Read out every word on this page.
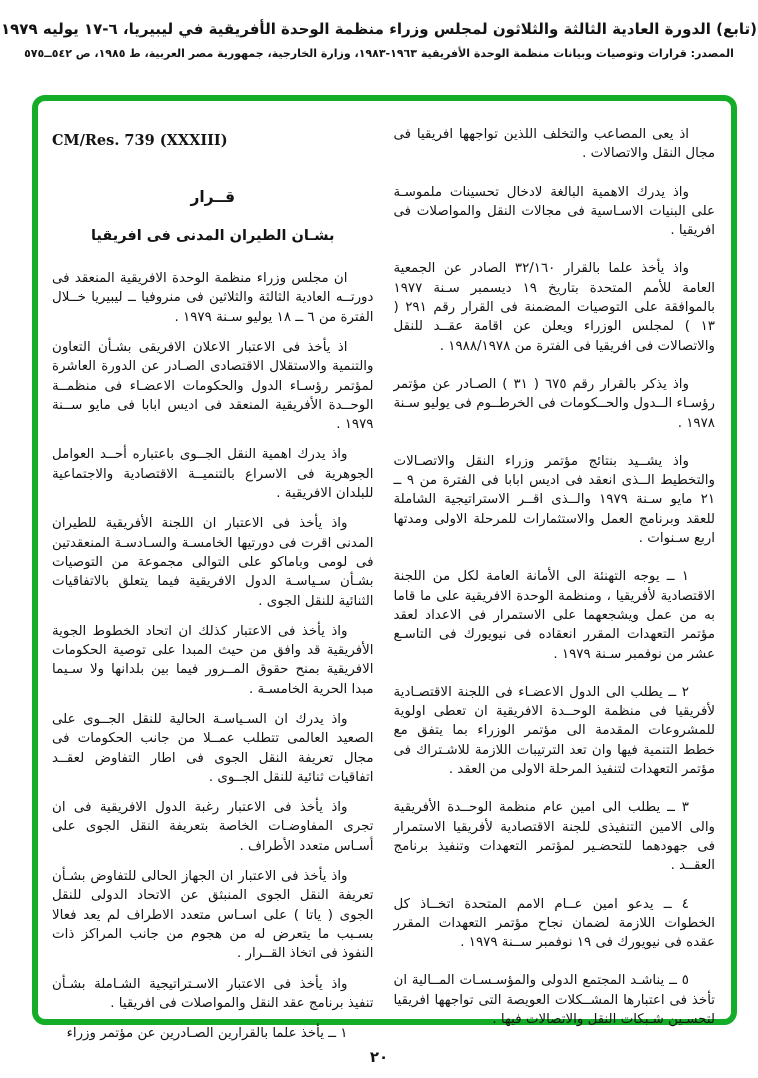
(تابع) الدورة العادية الثالثة والثلاثون لمجلس وزراء منظمة الوحدة الأفريقية في ليبيريا، ٦-١٧ يوليه ١٩٧٩
المصدر: قرارات وتوصيات وبيانات منظمة الوحدة الأفريقية ١٩٦٣-١٩٨٣، وزارة الخارجية، جمهورية مصر العربية، ط ١٩٨٥، ص ٥٤٢ــ٥٧٥

اذ يعى المصاعب والتخلف اللذين تواجهها افريقيا فى مجال النقل والاتصالات .

واذ يدرك الاهمية البالغة لادخال تحسينات ملموسـة على البنيات الاسـاسية فى مجالات النقل والمواصلات فى افريقيا .

واذ يأخذ علما بالقرار ٣٢/١٦٠ الصادر عن الجمعية العامة للأمم المتحدة بتاريخ ١٩ ديسمبر سـنة ١٩٧٧ بالموافقة على التوصيات المضمنة فى القرار رقم ٢٩١ ( ١٣ ) لمجلس الوزراء ويعلن عن اقامة عقــد للنقل والاتصالات فى افريقيا فى الفترة من ١٩٨٨/١٩٧٨ .

واذ يذكر بالقرار رقم ٦٧٥ ( ٣١ ) الصـادر عن مؤتمر رؤسـاء الــدول والحــكومات فى الخرطــوم فى يوليو سـنة ١٩٧٨ .

واذ يشــيد بنتائج مؤتمر وزراء النقل والاتصـالات والتخطيط الــذى انعقد فى اديس ابابا فى الفترة من ٩ ــ ٢١ مايو سـنة ١٩٧٩ والــذى اقــر الاستراتيجية الشاملة للعقد وبرنامج العمل والاستثمارات للمرحلة الاولى ومدتها اربع سـنوات .

١ ــ يوجه التهنئة الى الأمانة العامة لكل من اللجنة الاقتصادية لأفريقيا ، ومنظمة الوحدة الافريقية على ما قاما به من عمل ويشجعهما على الاستمرار فى الاعداد لعقد مؤتمر التعهدات المقرر انعقاده فى نيويورك فى التاسـع عشر من نوفمبر سـنة ١٩٧٩ .

٢ ــ يطلب الى الدول الاعضـاء فى اللجنة الاقتصـادية لأفريقيا فى منظمة الوحــدة الافريقية ان تعطى اولوية للمشروعات المقدمة الى مؤتمر الوزراء بما يتفق مع خطط التنمية فيها وان تعد الترتيبات اللازمة للاشـتراك فى مؤتمر التعهدات لتنفيذ المرحلة الاولى من العقد .

٣ ــ يطلب الى امين عام منظمة الوحــدة الأفريقية والى الامين التنفيذى للجنة الاقتصادية لأفريقيا الاستمرار فى جهودهما للتحضـير لمؤتمر التعهدات وتنفيذ برنامج العقــد .

٤ ــ يدعو امين عــام الامم المتحدة اتخــاذ كل الخطوات اللازمة لضمان نجاح مؤتمر التعهدات المقرر عقده فى نيويورك فى ١٩ نوفمبر ســنة ١٩٧٩ .

٥ ــ يناشـد المجتمع الدولى والمؤسـسـات المــالية ان تأخذ فى اعتبارها المشــكلات العويصة التى تواجهها افريقيا لتحسـين شـبكات النقل والاتصالات فيها .

CM/Res. 739 (XXXIII)
قــرار
بشـان الطيران المدنى فى افريقيا

ان مجلس وزراء منظمة الوحدة الافريقية المنعقد فى دورتــه العادية الثالثة والثلاثين فى منروفيا ــ ليبيريا خــلال الفترة من ٦ ــ ١٨ يوليو سـنة ١٩٧٩ .

اذ يأخذ فى الاعتبار الاعلان الافريقى بشـأن التعاون والتنمية والاستقلال الاقتصادى الصـادر عن الدورة العاشرة لمؤتمر رؤسـاء الدول والحكومات الاعضـاء فى منظمــة الوحــدة الأفريقية المنعقد فى اديس ابابا فى مايو ســنة ١٩٧٩ .

واذ يدرك اهمية النقل الجــوى باعتباره أحــد العوامل الجوهرية فى الاسراع بالتنميــة الاقتصادية والاجتماعية للبلدان الافريقية .

واذ يأخذ فى الاعتبار ان اللجنة الأفريقية للطيران المدنى اقرت فى دورتيها الخامسـة والسـادسـة المنعقدتين فى لومى وباماكو على التوالى مجموعة من التوصيات بشـأن سـياسـة الدول الافريقية فيما يتعلق بالاتفاقيات الثنائية للنقل الجوى .

واذ يأخذ فى الاعتبار كذلك ان اتحاد الخطوط الجوية الأفريقية قد وافق من حيث المبدا على توصية الحكومات الافريقية بمنح حقوق المــرور فيما بين بلدانها ولا سـيما مبدا الحرية الخامسـة .

واذ يدرك ان السـياسـة الحالية للنقل الجــوى على الصعيد العالمى تتطلب عمــلا من جانب الحكومات فى مجال تعريفة النقل الجوى فى اطار التفاوض لعقــد اتفاقيات ثنائية للنقل الجــوى .

واذ يأخذ فى الاعتبار رغبة الدول الافريقية فى ان تجرى المفاوضـات الخاصة بتعريفة النقل الجوى على أسـاس متعدد الأطراف .

واذ يأخذ فى الاعتبار ان الجهاز الحالى للتفاوض بشـأن تعريفة النقل الجوى المنبثق عن الاتحاد الدولى للنقل الجوى ( ياتا ) على اسـاس متعدد الاطراف لم يعد فعالا بسـبب ما يتعرض له من هجوم من جانب المراكز ذات النفوذ فى اتخاذ القــرار .

واذ يأخذ فى الاعتبار الاسـتراتيجية الشـاملة بشـأن تنفيذ برنامج عقد النقل والمواصلات فى افريقيا .

١ ــ يأخذ علما بالقرارين الصـادرين عن مؤتمر وزراء

٢٠
